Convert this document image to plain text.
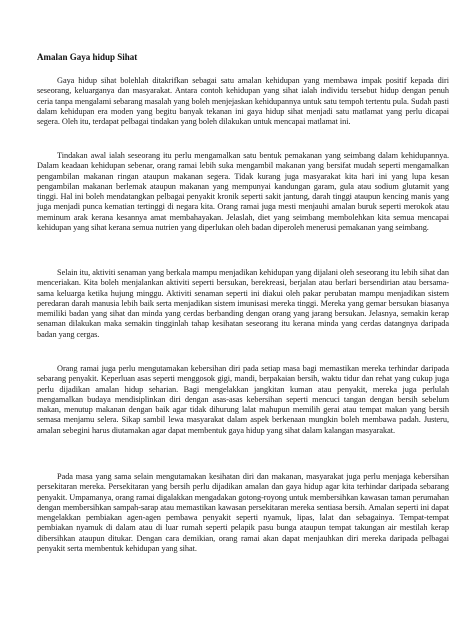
Amalan Gaya hidup Sihat

Gaya hidup sihat bolehlah ditakrifkan sebagai satu amalan kehidupan yang membawa impak positif kepada diri seseorang, keluarganya dan masyarakat. Antara contoh kehidupan yang sihat ialah individu tersebut hidup dengan penuh ceria tanpa mengalami sebarang masalah yang boleh menjejaskan kehidupannya untuk satu tempoh tertentu pula. Sudah pasti dalam kehidupan era moden yang begitu banyak tekanan ini gaya hidup sihat menjadi satu matlamat yang perlu dicapai segera. Oleh itu, terdapat pelbagai tindakan yang boleh dilakukan untuk mencapai matlamat ini.

Tindakan awal ialah seseorang itu perlu mengamalkan satu bentuk pemakanan yang seimbang dalam kehidupannya. Dalam keadaan kehidupan sebenar, orang ramai lebih suka mengambil makanan yang bersifat mudah seperti mengamalkan pengambilan makanan ringan ataupun makanan segera. Tidak kurang juga masyarakat kita hari ini yang lupa kesan pengambilan makanan berlemak ataupun makanan yang mempunyai kandungan garam, gula atau sodium glutamit yang tinggi. Hal ini boleh mendatangkan pelbagai penyakit kronik seperti sakit jantung, darah tinggi ataupun kencing manis yang juga menjadi punca kematian tertinggi di negara kita. Orang ramai juga mesti menjauhi amalan buruk seperti merokok atau meminum arak kerana kesannya amat membahayakan. Jelaslah, diet yang seimbang membolehkan kita semua mencapai kehidupan yang sihat kerana semua nutrien yang diperlukan oleh badan diperoleh menerusi pemakanan yang seimbang.

Selain itu, aktiviti senaman yang berkala mampu menjadikan kehidupan yang dijalani oleh seseorang itu lebih sihat dan menceriakan. Kita boleh menjalankan aktiviti seperti bersukan, berekreasi, berjalan atau berlari bersendirian atau bersama-sama keluarga ketika hujung minggu. Aktiviti senaman seperti ini diakui oleh pakar perubatan mampu menjadikan sistem peredaran darah manusia lebih baik serta menjadikan sistem imunisasi mereka tinggi. Mereka yang gemar bersukan biasanya memiliki badan yang sihat dan minda yang cerdas berbanding dengan orang yang jarang bersukan. Jelasnya, semakin kerap senaman dilakukan maka semakin tingginlah tahap kesihatan seseorang itu kerana minda yang cerdas datangnya daripada badan yang cergas.

Orang ramai juga perlu mengutamakan kebersihan diri pada setiap masa bagi memastikan mereka terhindar daripada sebarang penyakit. Keperluan asas seperti menggosok gigi, mandi, berpakaian bersih, waktu tidur dan rehat yang cukup juga perlu dijadikan amalan hidup seharian. Bagi mengelakkan jangkitan kuman atau penyakit, mereka juga perlulah mengamalkan budaya mendisiplinkan diri dengan asas-asas kebersihan seperti mencuci tangan dengan bersih sebelum makan, menutup makanan dengan baik agar tidak dihurung lalat mahupun memilih gerai atau tempat makan yang bersih semasa menjamu selera. Sikap sambil lewa masyarakat dalam aspek berkenaan mungkin boleh membawa padah. Justeru, amalan sebegini harus diutamakan agar dapat membentuk gaya hidup yang sihat dalam kalangan masyarakat.

Pada masa yang sama selain mengutamakan kesihatan diri dan makanan, masyarakat juga perlu menjaga kebersihan persekitaran mereka. Persekitaran yang bersih perlu dijadikan amalan dan gaya hidup agar kita terhindar daripada sebarang penyakit. Umpamanya, orang ramai digalakkan mengadakan gotong-royong untuk membersihkan kawasan taman perumahan dengan membersihkan sampah-sarap atau memastikan kawasan persekitaran mereka sentiasa bersih. Amalan seperti ini dapat mengelakkan pembiakan agen-agen pembawa penyakit seperti nyamuk, lipas, lalat dan sebagainya. Tempat-tempat pembiakan nyamuk di dalam atau di luar rumah seperti pelapik pasu bunga ataupun tempat takungan air mestilah kerap dibersihkan ataupun ditukar. Dengan cara demikian, orang ramai akan dapat menjauhkan diri mereka daripada pelbagai penyakit serta membentuk kehidupan yang sihat.
